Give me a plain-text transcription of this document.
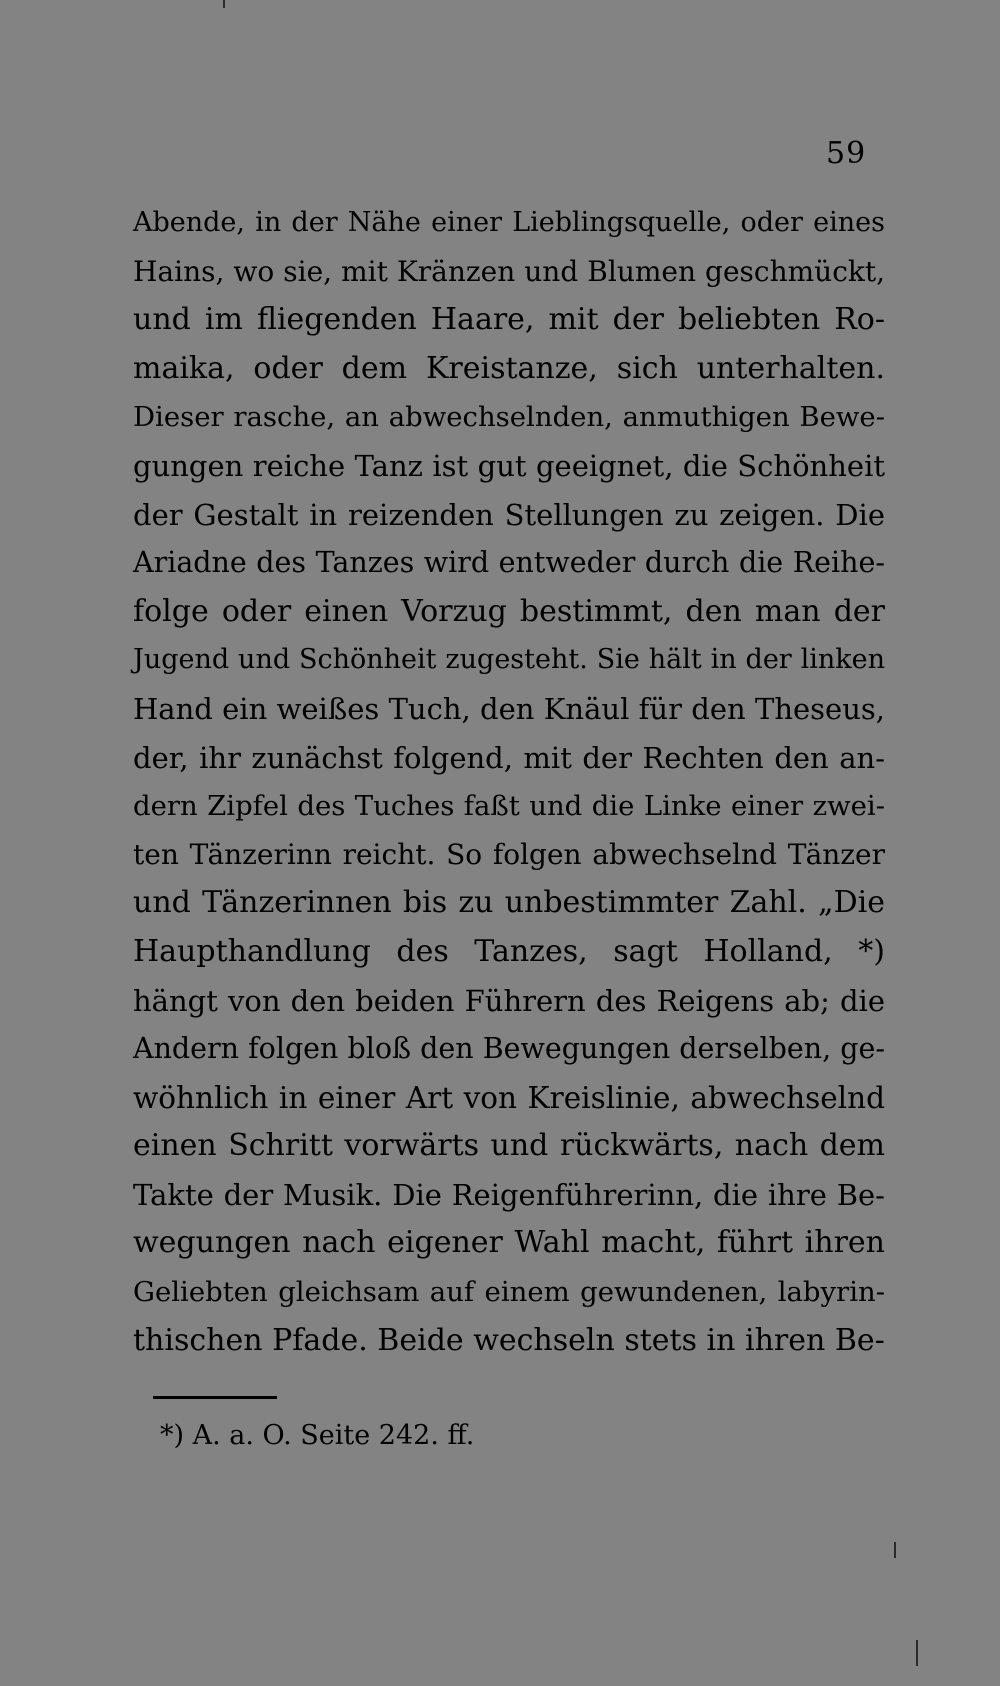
59
Abende, in der Nähe einer Lieblingsquelle, oder eines
Hains, wo sie, mit Kränzen und Blumen geschmückt,
und im fliegenden Haare, mit der beliebten Ro-
maika, oder dem Kreistanze, sich unterhalten.
Dieser rasche, an abwechselnden, anmuthigen Bewe-
gungen reiche Tanz ist gut geeignet, die Schönheit
der Gestalt in reizenden Stellungen zu zeigen. Die
Ariadne des Tanzes wird entweder durch die Reihe-
folge oder einen Vorzug bestimmt, den man der
Jugend und Schönheit zugesteht. Sie hält in der linken
Hand ein weißes Tuch, den Knäul für den Theseus,
der, ihr zunächst folgend, mit der Rechten den an-
dern Zipfel des Tuches faßt und die Linke einer zwei-
ten Tänzerinn reicht. So folgen abwechselnd Tänzer
und Tänzerinnen bis zu unbestimmter Zahl. „Die
Haupthandlung des Tanzes, sagt Holland, *)
hängt von den beiden Führern des Reigens ab; die
Andern folgen bloß den Bewegungen derselben, ge-
wöhnlich in einer Art von Kreislinie, abwechselnd
einen Schritt vorwärts und rückwärts, nach dem
Takte der Musik. Die Reigenführerinn, die ihre Be-
wegungen nach eigener Wahl macht, führt ihren
Geliebten gleichsam auf einem gewundenen, labyrin-
thischen Pfade. Beide wechseln stets in ihren Be-
*) A. a. O. Seite 242. ff.
